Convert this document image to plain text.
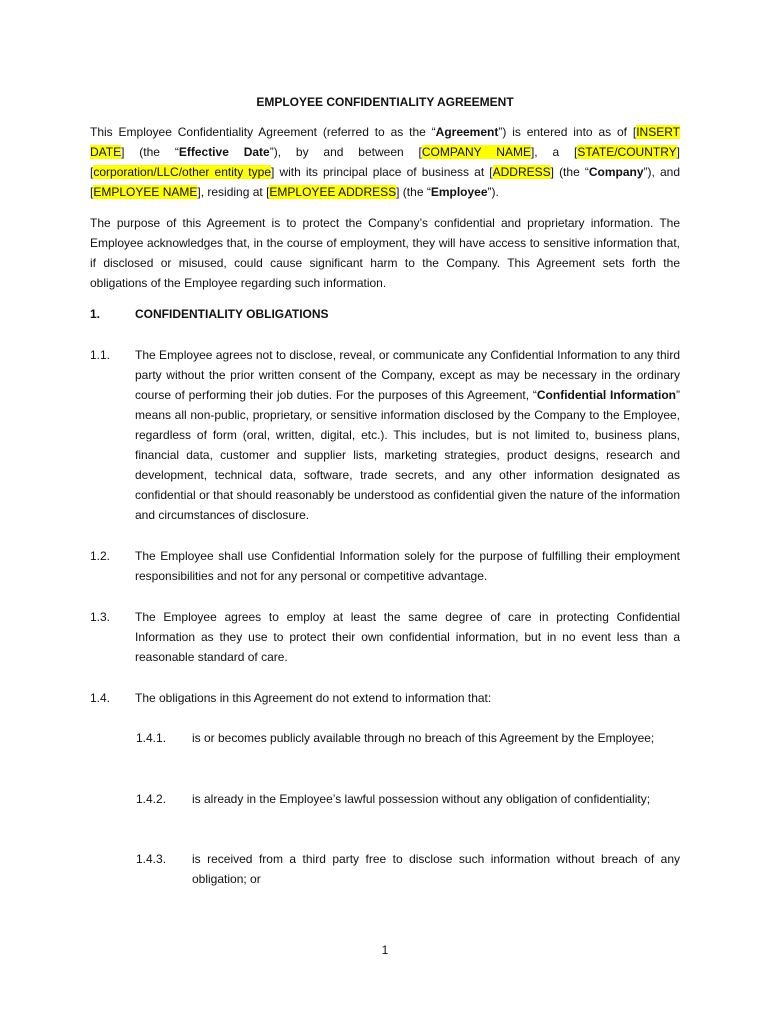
EMPLOYEE CONFIDENTIALITY AGREEMENT
This Employee Confidentiality Agreement (referred to as the “Agreement”) is entered into as of [INSERT DATE] (the “Effective Date”), by and between [COMPANY NAME], a [STATE/COUNTRY] [corporation/LLC/other entity type] with its principal place of business at [ADDRESS] (the “Company”), and [EMPLOYEE NAME], residing at [EMPLOYEE ADDRESS] (the “Employee”).
The purpose of this Agreement is to protect the Company’s confidential and proprietary information. The Employee acknowledges that, in the course of employment, they will have access to sensitive information that, if disclosed or misused, could cause significant harm to the Company. This Agreement sets forth the obligations of the Employee regarding such information.
1.	CONFIDENTIALITY OBLIGATIONS
1.1. The Employee agrees not to disclose, reveal, or communicate any Confidential Information to any third party without the prior written consent of the Company, except as may be necessary in the ordinary course of performing their job duties. For the purposes of this Agreement, “Confidential Information” means all non-public, proprietary, or sensitive information disclosed by the Company to the Employee, regardless of form (oral, written, digital, etc.). This includes, but is not limited to, business plans, financial data, customer and supplier lists, marketing strategies, product designs, research and development, technical data, software, trade secrets, and any other information designated as confidential or that should reasonably be understood as confidential given the nature of the information and circumstances of disclosure.
1.2. The Employee shall use Confidential Information solely for the purpose of fulfilling their employment responsibilities and not for any personal or competitive advantage.
1.3. The Employee agrees to employ at least the same degree of care in protecting Confidential Information as they use to protect their own confidential information, but in no event less than a reasonable standard of care.
1.4. The obligations in this Agreement do not extend to information that:
1.4.1. is or becomes publicly available through no breach of this Agreement by the Employee;
1.4.2. is already in the Employee’s lawful possession without any obligation of confidentiality;
1.4.3. is received from a third party free to disclose such information without breach of any obligation; or
1
